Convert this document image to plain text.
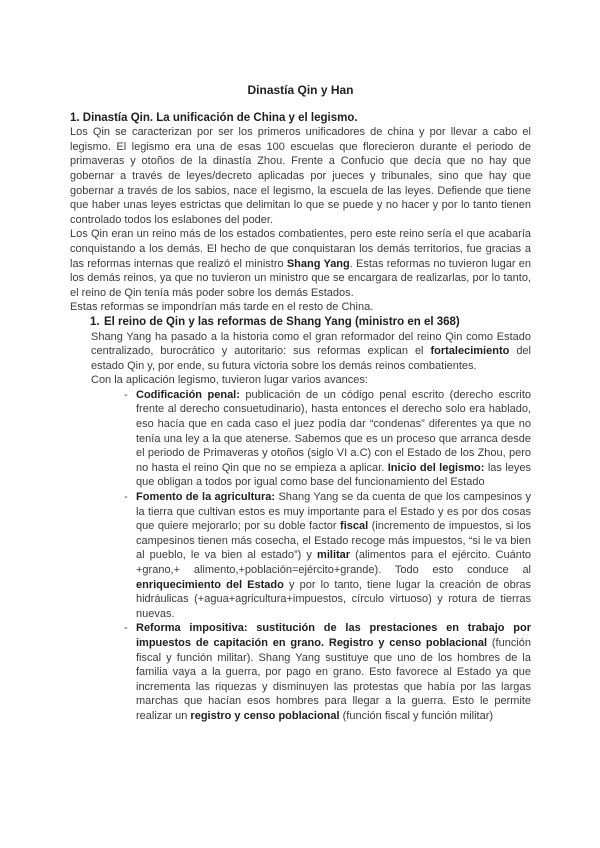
Dinastía Qin y Han
1. Dinastía Qin. La unificación de China y el legismo.

Los Qin se caracterizan por ser los primeros unificadores de china y por llevar a cabo el legismo. El legismo era una de esas 100 escuelas que florecieron durante el periodo de primaveras y otoños de la dinastía Zhou. Frente a Confucio que decía que no hay que gobernar a través de leyes/decreto aplicadas por jueces y tribunales, sino que hay que gobernar a través de los sabios, nace el legismo, la escuela de las leyes. Defiende que tiene que haber unas leyes estrictas que delimitan lo que se puede y no hacer y por lo tanto tienen controlado todos los eslabones del poder.

Los Qin eran un reino más de los estados combatientes, pero este reino sería el que acabaría conquistando a los demás. El hecho de que conquistaran los demás territorios, fue gracias a las reformas internas que realizó el ministro Shang Yang. Estas reformas no tuvieron lugar en los demás reinos, ya que no tuvieron un ministro que se encargara de realizarlas, por lo tanto, el reino de Qin tenía más poder sobre los demás Estados.

Estas reformas se impondrían más tarde en el resto de China.

1. El reino de Qin y las reformas de Shang Yang (ministro en el 368)

Shang Yang ha pasado a la historia como el gran reformador del reino Qin como Estado centralizado, burocrático y autoritario: sus reformas explican el fortalecimiento del estado Qin y, por ende, su futura victoria sobre los demás reinos combatientes.

Con la aplicación legismo, tuvieron lugar varios avances:

- Codificación penal: publicación de un código penal escrito (derecho escrito frente al derecho consuetudinario), hasta entonces el derecho solo era hablado, eso hacía que en cada caso el juez podía dar “condenas” diferentes ya que no tenía una ley a la que atenerse. Sabemos que es un proceso que arranca desde el periodo de Primaveras y otoños (siglo VI a.C) con el Estado de los Zhou, pero no hasta el reino Qin que no se empieza a aplicar. Inicio del legismo: las leyes que obligan a todos por igual como base del funcionamiento del Estado

- Fomento de la agricultura: Shang Yang se da cuenta de que los campesinos y la tierra que cultivan estos es muy importante para el Estado y es por dos cosas que quiere mejorarlo; por su doble factor fiscal (incremento de impuestos, si los campesinos tienen más cosecha, el Estado recoge más impuestos, “si le va bien al pueblo, le va bien al estado”) y militar (alimentos para el ejército. Cuánto +grano,+ alimento,+población=ejército+grande). Todo esto conduce al enriquecimiento del Estado y por lo tanto, tiene lugar la creación de obras hidráulicas (+agua+agricultura+impuestos, círculo virtuoso) y rotura de tierras nuevas.

- Reforma impositiva: sustitución de las prestaciones en trabajo por impuestos de capitación en grano. Registro y censo poblacional (función fiscal y función militar). Shang Yang sustituye que uno de los hombres de la familia vaya a la guerra, por pago en grano. Esto favorece al Estado ya que incrementa las riquezas y disminuyen las protestas que había por las largas marchas que hacían esos hombres para llegar a la guerra. Esto le permite realizar un registro y censo poblacional (función fiscal y función militar)
